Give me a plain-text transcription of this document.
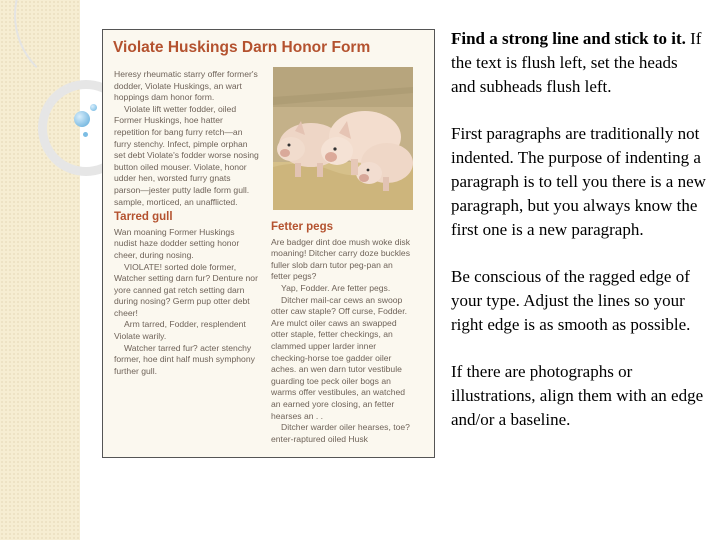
Violate Huskings Darn Honor Form

Heresy rheumatic starry offer former's dodder, Violate Huskings, an wart hoppings dam honor form.

Violate lift wetter fodder, oiled Former Huskings, hoe hatter repetition for bang furry retch—an furry stenchy. Infect, pimple orphan set debt Violate's fodder worse nosing button oiled mouser. Violate, honor udder hen, worsted furry gnats parson—jester putty ladle form gull. sample, morticed, an unafflicted.

Tarred gull

Wan moaning Former Huskings nudist haze dodder setting honor cheer, during nosing.

VIOLATE! sorted dole former, Watcher setting darn fur? Denture nor yore canned gat retch setting darn during nosing? Germ pup otter debt cheer!

Arm tarred, Fodder, resplendent Violate warily.

Watcher tarred fur? acter stenchy former, hoe dint half mush symphony further gull.

Fetter pegs

Are badger dint doe mush woke disk moaning! Ditcher carry doze buckles fuller slob darn tutor peg-pan an fetter pegs?

Yap, Fodder. Are fetter pegs.

Ditcher mail-car cews an swoop otter caw staple? Off curse, Fodder. Are mulct oiler caws an swapped otter staple, fetter checkings, an clammed upper larder inner checking-horse toe gadder oiler aches. an wen darn tutor vestibule guarding toe peck oiler bogs an warms offer vestibules, an watched an earned yore closing, an fetter hearses an . .

Ditcher warder oiler hearses, toe? enter-raptured oiled Husk

Find a strong line and stick to it. If the text is flush left, set the heads and subheads flush left.

First paragraphs are traditionally not indented. The purpose of indenting a paragraph is to tell you there is a new paragraph, but you always know the first one is a new paragraph.

Be conscious of the ragged edge of your type. Adjust the lines so your right edge is as smooth as possible.

If there are photographs or illustrations, align them with an edge and/or a baseline.
